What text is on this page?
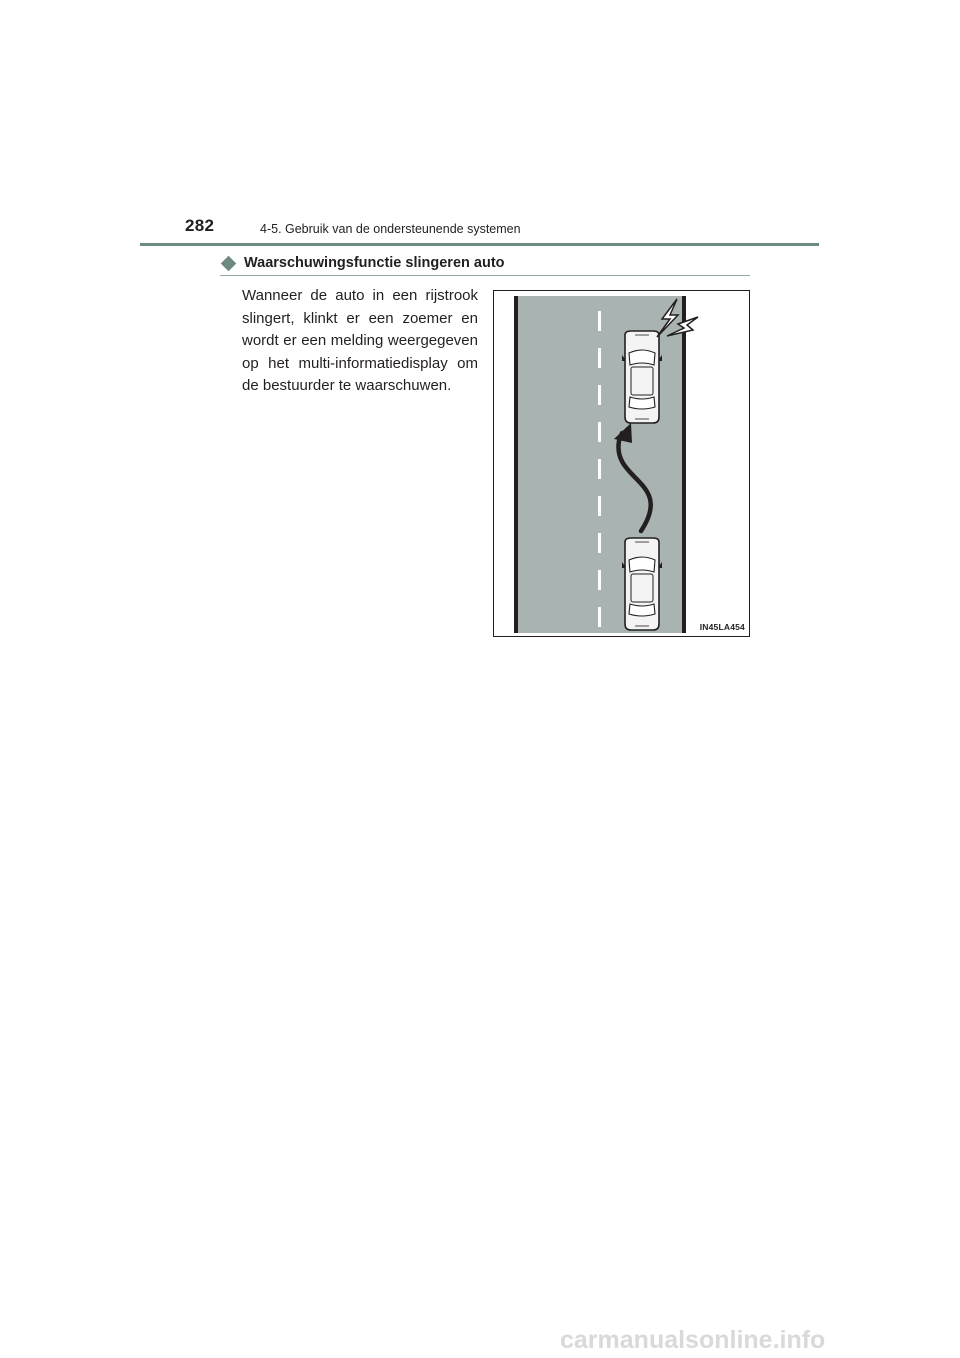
282	4-5. Gebruik van de ondersteunende systemen
Waarschuwingsfunctie slingeren auto
Wanneer de auto in een rijstrook slingert, klinkt er een zoemer en wordt er een melding weergegeven op het multi-informatiedisplay om de bestuurder te waarschuwen.
IN45LA454
carmanualsonline.info
